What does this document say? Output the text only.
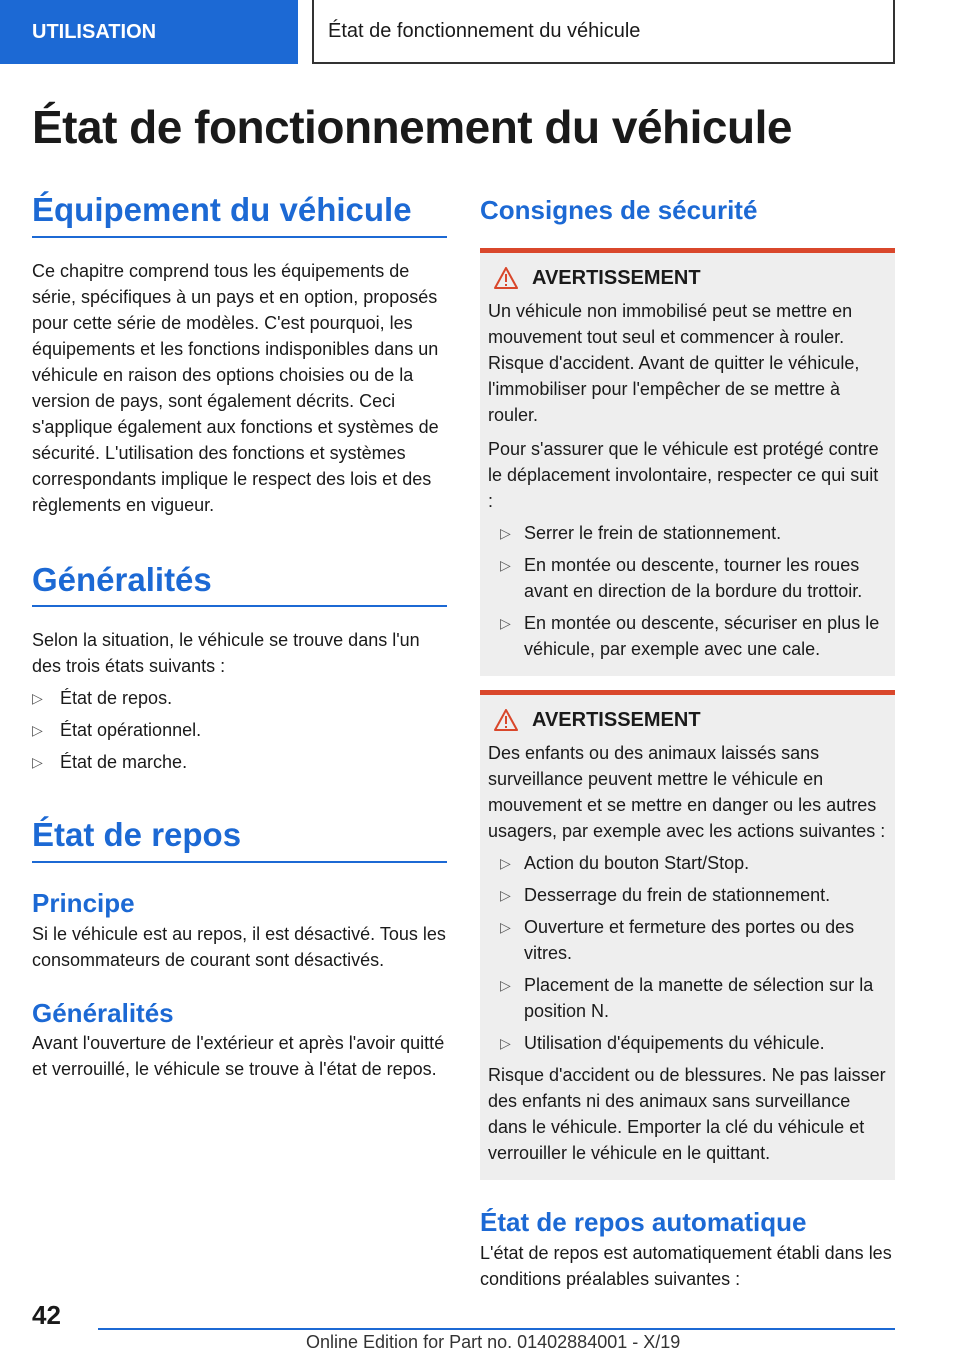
UTILISATION	État de fonctionnement du véhicule
État de fonctionnement du véhicule
Équipement du véhicule

Ce chapitre comprend tous les équipements de série, spécifiques à un pays et en option, proposés pour cette série de modèles. C'est pourquoi, les équipements et les fonctions indisponibles dans un véhicule en raison des options choisies ou de la version de pays, sont également décrits. Ceci s'applique également aux fonctions et systèmes de sécurité. L'utilisation des fonctions et systèmes correspondants implique le respect des lois et des règlements en vigueur.

Généralités

Selon la situation, le véhicule se trouve dans l'un des trois états suivants :

▷ État de repos.
▷ État opérationnel.
▷ État de marche.
État de repos
Principe

Si le véhicule est au repos, il est désactivé. Tous les consommateurs de courant sont désactivés.

Généralités

Avant l'ouverture de l'extérieur et après l'avoir quitté et verrouillé, le véhicule se trouve à l'état de repos.

Consignes de sécurité
AVERTISSEMENT

Un véhicule non immobilisé peut se mettre en mouvement tout seul et commencer à rouler. Risque d'accident. Avant de quitter le véhicule, l'immobiliser pour l'empêcher de se mettre à rouler.

Pour s'assurer que le véhicule est protégé contre le déplacement involontaire, respecter ce qui suit :

▷ Serrer le frein de stationnement.
▷ En montée ou descente, tourner les roues avant en direction de la bordure du trottoir.
▷ En montée ou descente, sécuriser en plus le véhicule, par exemple avec une cale.
AVERTISSEMENT

Des enfants ou des animaux laissés sans surveillance peuvent mettre le véhicule en mouvement et se mettre en danger ou les autres usagers, par exemple avec les actions suivantes :

▷ Action du bouton Start/Stop.
▷ Desserrage du frein de stationnement.
▷ Ouverture et fermeture des portes ou des vitres.
▷ Placement de la manette de sélection sur la position N.
▷ Utilisation d'équipements du véhicule.

Risque d'accident ou de blessures. Ne pas laisser des enfants ni des animaux sans surveillance dans le véhicule. Emporter la clé du véhicule et verrouiller le véhicule en le quittant.

État de repos automatique

L'état de repos est automatiquement établi dans les conditions préalables suivantes :

42
Online Edition for Part no. 01402884001 - X/19
